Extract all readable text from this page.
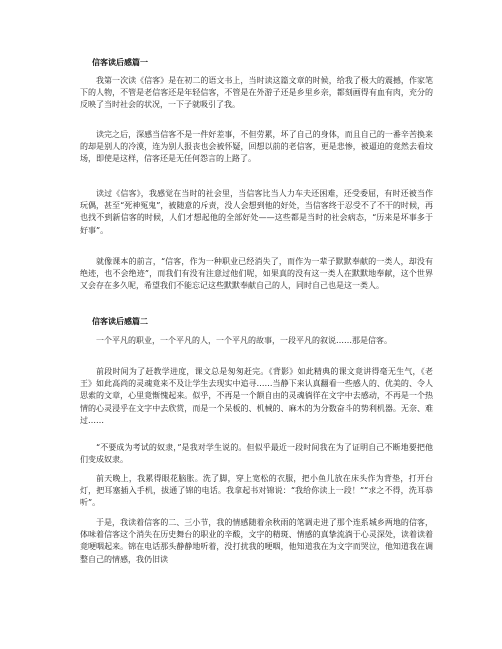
信客读后感篇一

我第一次读《信客》是在初二的语文书上，当时读这篇文章的时候，给我了极大的震撼，作家笔下的人物，不管是老信客还是年轻信客，不管是在外游子还是乡里乡亲，都刻画得有血有肉，充分的反映了当时社会的状况，一下子就吸引了我。

读完之后，深感当信客不是一件好差事，不但劳累，坏了自己的身体，而且自己的一番辛苦换来的却是别人的冷漠，连为别人报丧也会被怀疑，回想以前的老信客，更是悲惨，被逼迫的竟然去看坟场，即使是这样，信客还是无任何怨言的上路了。

读过《信客》，我感觉在当时的社会里，当信客比当人力车夫还困难，还受委屈，有时还被当作玩偶，甚至“死神冤鬼”，被随意的斥责，没人会想到他的好处，当信客终于忍受不了不干的时候，再也找不到新信客的时候，人们才想起他的全部好处——这些都是当时的社会病态，“历来是坏事多于好事”。

就像课本的前言，“信客，作为一种职业已经消失了，而作为一辈子默默奉献的一类人，却没有绝迹，也不会绝迹”，而我们有没有注意过他们呢，如果真的没有这一类人在默默地奉献，这个世界又会存在多久呢，希望我们不能忘记这些默默奉献自己的人，同时自己也是这一类人。

信客读后感篇二

一个平凡的职业，一个平凡的人，一个平凡的故事，一段平凡的叙说……那是信客。

前段时间为了赶教学进度，课文总是匆匆赶完。《背影》如此精典的课文竟讲得毫无生气，《老王》如此高尚的灵魂竟来不及让学生去现实中追寻……当静下来认真翻看一些感人的、优美的、令人思索的文章，心里竟惭愧起来。似乎，不再是一个额自由的灵魂徜徉在文字中去感动，不再是一个热情的心灵浸乎在文字中去欣赏，而是一个呆板的、机械的、麻木的为分数奋斗的势利机器。无奈、难过……

“不要成为考试的奴隶，”是我对学生说的。但似乎最近一段时间我在为了证明自己不断地要把他们变成奴隶。

前天晚上，我累得眼花脑胀。洗了脚，穿上宽松的衣服，把小鱼儿放在床头作为背垫，打开台灯，把耳塞插入手机，拔通了锦的电话。我拿起书对锦说：“我给你读上一段！”“求之不得，洗耳恭听”。

于是，我读着信客的二、三小节，我的情感随着余秋雨的笔调走进了那个连系城乡两地的信客，体味着信客这个消失在历史舞台的职业的辛酸，文字的精斑、情感的真挚流淌于心灵深处，读着读着竟哽咽起来。锦在电话那头静静地听着，没打扰我的哽咽，他知道我在为文字而哭泣，他知道我在调整自己的情感，我仍旧读
